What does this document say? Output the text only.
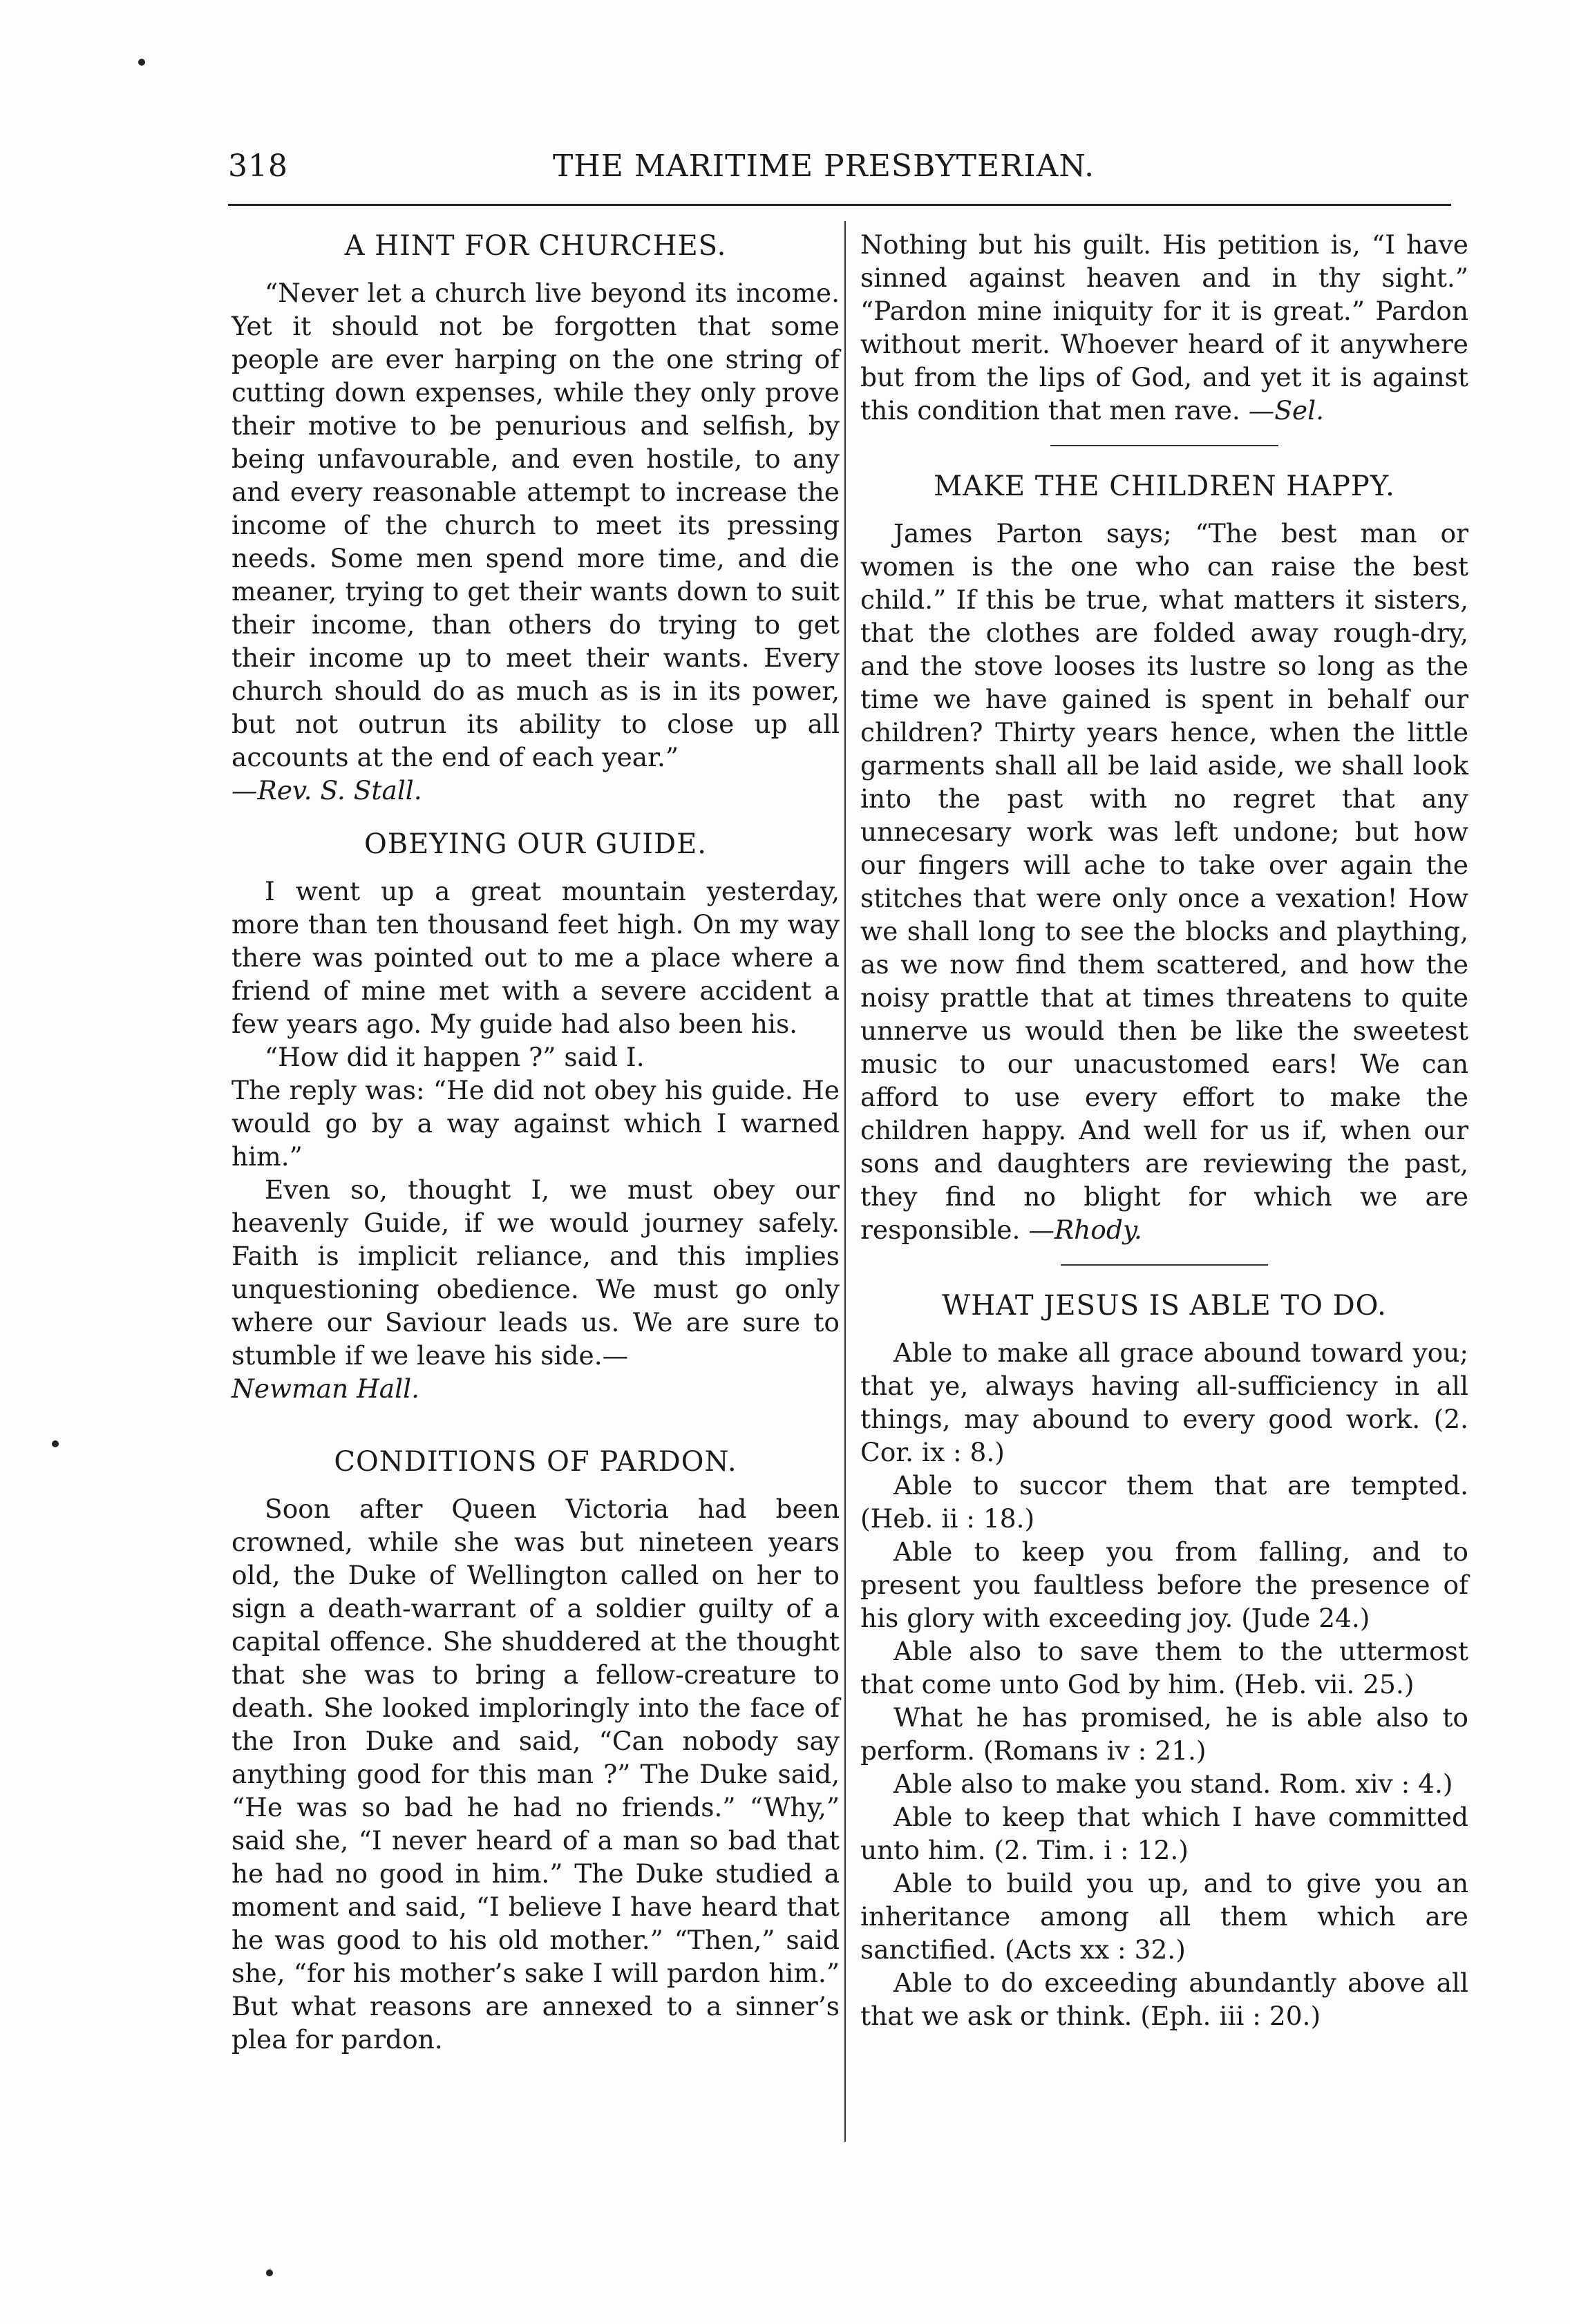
318	THE MARITIME PRESBYTERIAN.
A HINT FOR CHURCHES.

“Never let a church live beyond its income. Yet it should not be forgotten that some people are ever harping on the one string of cutting down expenses, while they only prove their motive to be penurious and selfish, by being unfavourable, and even hostile, to any and every reasonable attempt to increase the income of the church to meet its pressing needs. Some men spend more time, and die meaner, trying to get their wants down to suit their income, than others do trying to get their income up to meet their wants. Every church should do as much as is in its power, but not outrun its ability to close up all accounts at the end of each year.”

—Rev. S. Stall.

OBEYING OUR GUIDE.

I went up a great mountain yesterday, more than ten thousand feet high. On my way there was pointed out to me a place where a friend of mine met with a severe accident a few years ago. My guide had also been his.

“How did it happen ?” said I.

The reply was: “He did not obey his guide. He would go by a way against which I warned him.”

Even so, thought I, we must obey our heavenly Guide, if we would journey safely. Faith is implicit reliance, and this implies unquestioning obedience. We must go only where our Saviour leads us. We are sure to stumble if we leave his side.—

Newman Hall.

CONDITIONS OF PARDON.

Soon after Queen Victoria had been crowned, while she was but nineteen years old, the Duke of Wellington called on her to sign a death-warrant of a soldier guilty of a capital offence. She shuddered at the thought that she was to bring a fellow-creature to death. She looked imploringly into the face of the Iron Duke and said, “Can nobody say anything good for this man ?” The Duke said, “He was so bad he had no friends.” “Why,” said she, “I never heard of a man so bad that he had no good in him.” The Duke studied a moment and said, “I believe I have heard that he was good to his old mother.” “Then,” said she, “for his mother’s sake I will pardon him.” But what reasons are annexed to a sinner’s plea for pardon.

Nothing but his guilt. His petition is, “I have sinned against heaven and in thy sight.” “Pardon mine iniquity for it is great.” Pardon without merit. Whoever heard of it anywhere but from the lips of God, and yet it is against this condition that men rave. —Sel.

MAKE THE CHILDREN HAPPY.

James Parton says; “The best man or women is the one who can raise the best child.” If this be true, what matters it sisters, that the clothes are folded away rough-dry, and the stove looses its lustre so long as the time we have gained is spent in behalf our children? Thirty years hence, when the little garments shall all be laid aside, we shall look into the past with no regret that any unnecesary work was left undone; but how our fingers will ache to take over again the stitches that were only once a vexation! How we shall long to see the blocks and plaything, as we now find them scattered, and how the noisy prattle that at times threatens to quite unnerve us would then be like the sweetest music to our unacustomed ears! We can afford to use every effort to make the children happy. And well for us if, when our sons and daughters are reviewing the past, they find no blight for which we are responsible. —Rhody.

WHAT JESUS IS ABLE TO DO.

Able to make all grace abound toward you; that ye, always having all-sufficiency in all things, may abound to every good work. (2. Cor. ix : 8.)

Able to succor them that are tempted. (Heb. ii : 18.)

Able to keep you from falling, and to present you faultless before the presence of his glory with exceeding joy. (Jude 24.)

Able also to save them to the uttermost that come unto God by him. (Heb. vii. 25.)

What he has promised, he is able also to perform. (Romans iv : 21.)

Able also to make you stand. Rom. xiv : 4.)

Able to keep that which I have committed unto him. (2. Tim. i : 12.)

Able to build you up, and to give you an inheritance among all them which are sanctified. (Acts xx : 32.)

Able to do exceeding abundantly above all that we ask or think. (Eph. iii : 20.)
